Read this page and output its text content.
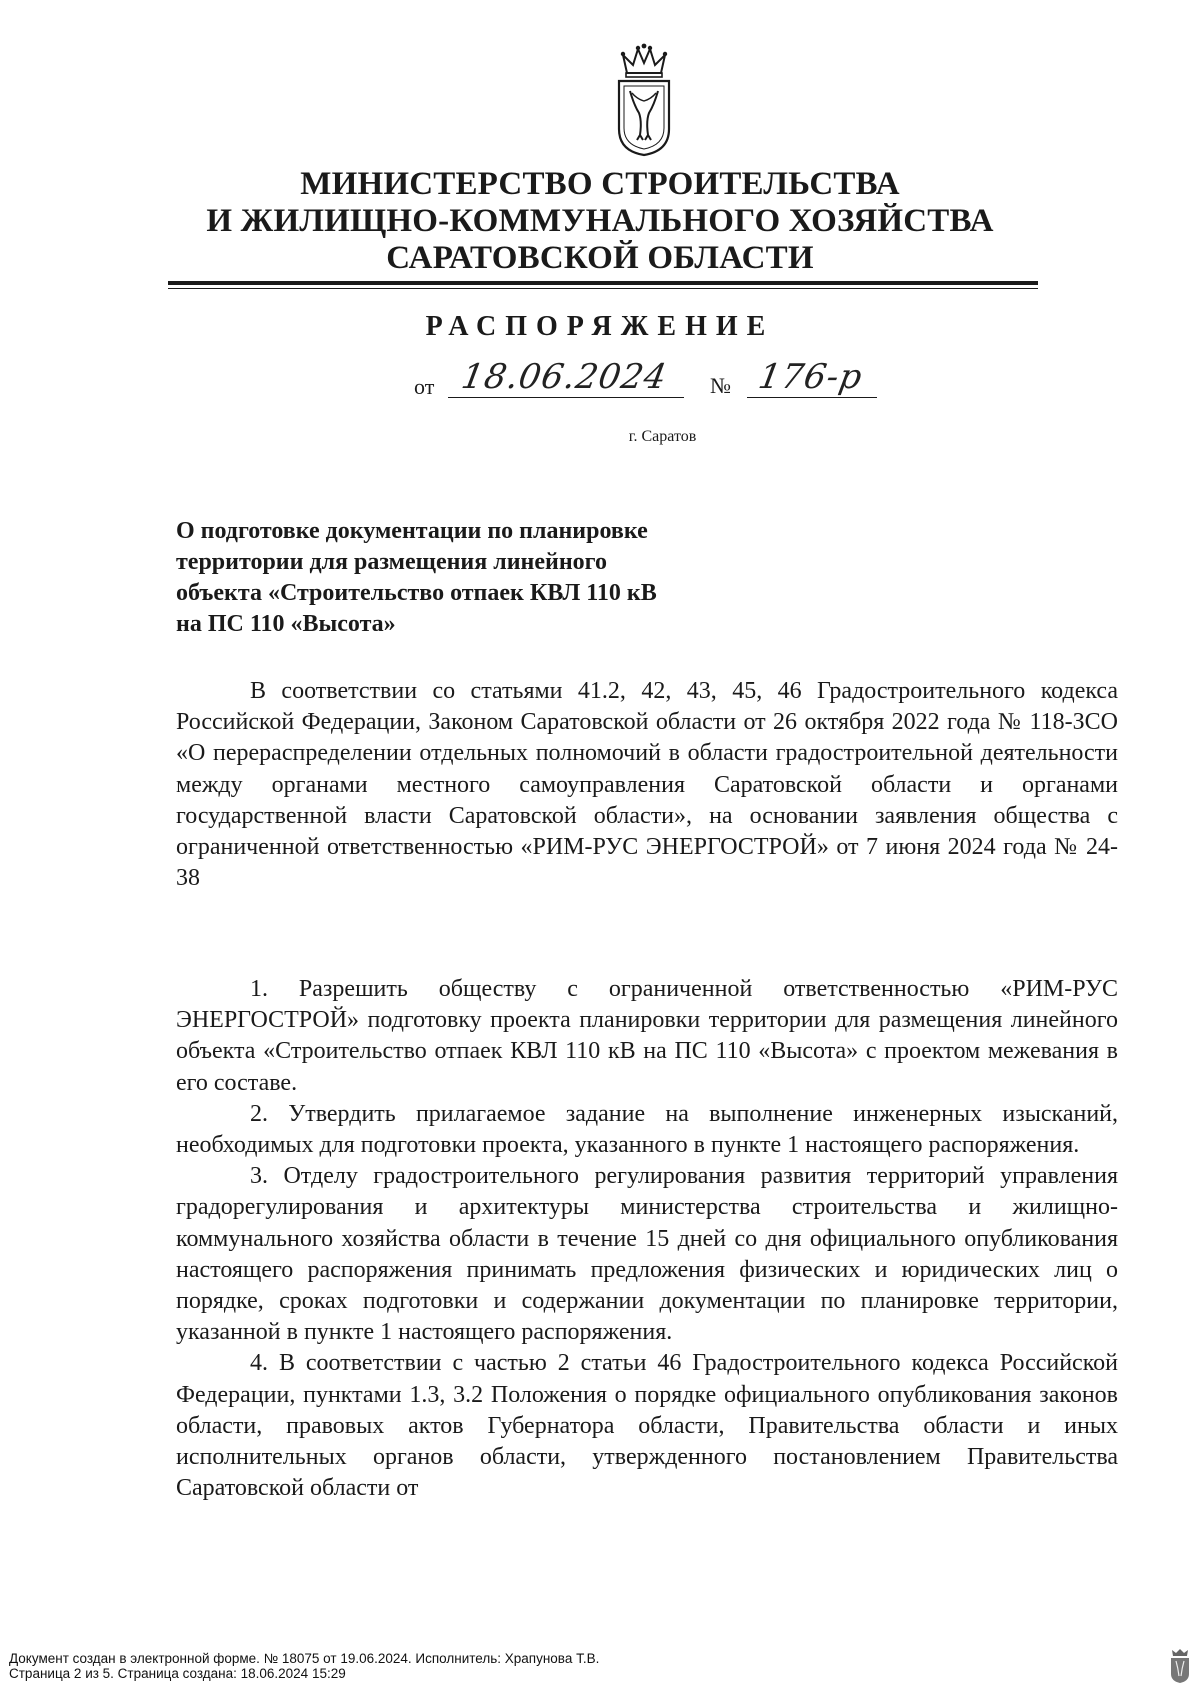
МИНИСТЕРСТВО СТРОИТЕЛЬСТВА
И ЖИЛИЩНО-КОММУНАЛЬНОГО ХОЗЯЙСТВА
САРАТОВСКОЙ ОБЛАСТИ
РАСПОРЯЖЕНИЕ
от 18.06.2024 № 176-р
г. Саратов
О подготовке документации по планировке
территории для размещения линейного
объекта «Строительство отпаек КВЛ 110 кВ
на ПС 110 «Высота»

В соответствии со статьями 41.2, 42, 43, 45, 46 Градостроительного кодекса Российской Федерации, Законом Саратовской области от 26 октября 2022 года № 118-ЗСО «О перераспределении отдельных полномочий в области градостроительной деятельности между органами местного самоуправления Саратовской области и органами государственной власти Саратовской области», на основании заявления общества с ограниченной ответственностью «РИМ-РУС ЭНЕРГОСТРОЙ» от 7 июня 2024 года № 24-38

1. Разрешить обществу с ограниченной ответственностью «РИМ-РУС ЭНЕРГОСТРОЙ» подготовку проекта планировки территории для размещения линейного объекта «Строительство отпаек КВЛ 110 кВ на ПС 110 «Высота» с проектом межевания в его составе.

2. Утвердить прилагаемое задание на выполнение инженерных изысканий, необходимых для подготовки проекта, указанного в пункте 1 настоящего распоряжения.

3. Отделу градостроительного регулирования развития территорий управления градорегулирования и архитектуры министерства строительства и жилищно-коммунального хозяйства области в течение 15 дней со дня официального опубликования настоящего распоряжения принимать предложения физических и юридических лиц о порядке, сроках подготовки и содержании документации по планировке территории, указанной в пункте 1 настоящего распоряжения.

4. В соответствии с частью 2 статьи 46 Градостроительного кодекса Российской Федерации, пунктами 1.3, 3.2 Положения о порядке официального опубликования законов области, правовых актов Губернатора области, Правительства области и иных исполнительных органов области, утвержденного постановлением Правительства Саратовской области от

Документ создан в электронной форме. № 18075 от 19.06.2024. Исполнитель: Храпунова Т.В.
Страница 2 из 5. Страница создана: 18.06.2024 15:29
